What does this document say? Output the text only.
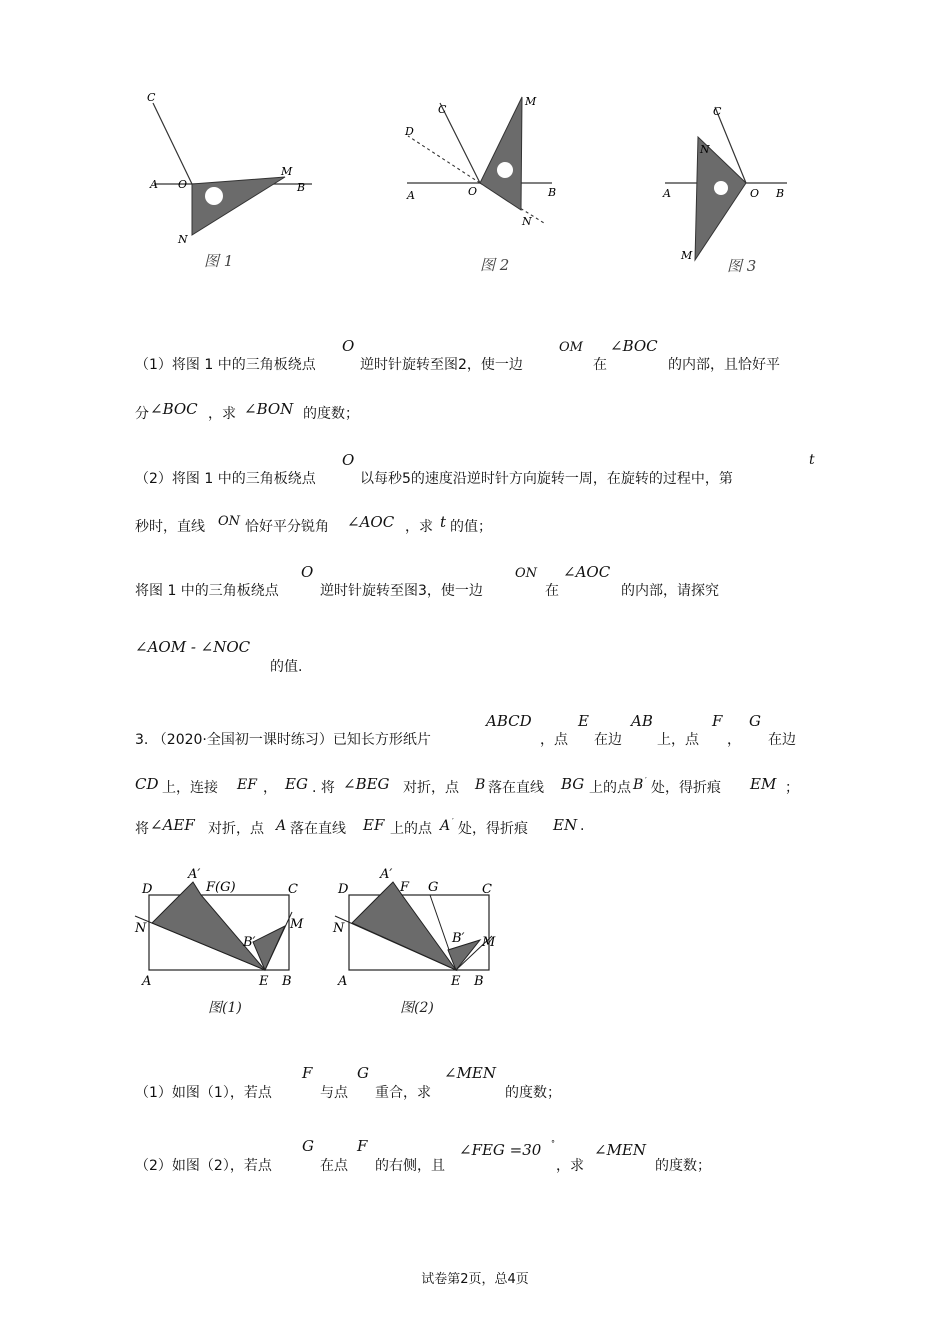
A O	B
C
M
N
图 1
A	O	B
C
D
M
N
图 2
A	O B
C
N
M
图 3
（1）将图 1 中的三角板绕点
O
逆时针旋转至图2，使一边
OM
在
∠BOC
的内部，且恰好平
分 ∠BOC ，求 ∠BON 的度数；
（2）将图 1 中的三角板绕点
O
以每秒5的速度沿逆时针方向旋转一周，在旋转的过程中，第
t
秒时，直线 ON 恰好平分锐角 ∠AOC ，求 t 的值；
将图 1 中的三角板绕点
O
逆时针旋转至图3，使一边
ON
在
∠AOC
的内部，请探究
∠AOM - ∠NOC
的值.
3. （2020·全国初一课时练习）已知长方形纸片
ABCD
，点
E
在边
AB
上，点
F
，
G
在边
CD 上，连接 EF ， EG . 将 ∠BEG 对折，点 B 落在直线 BG 上的点 B ′ 处，得折痕 EM ；
将 ∠AEF 对折，点 A 落在直线 EF 上的点 A ′ 处，得折痕 EN .
D
A′
F(G)	C
N	M
B′
A	E B
图(1)
D
A′
F G	C
N
M
B′
A	E B
图(2)
（1）如图（1），若点
F
与点
G
重合，求
∠MEN
的度数；
（2）如图（2），若点
G
在点
F
的右侧，且
∠FEG =30 °
，求
∠MEN
的度数；
试卷第2页，总4页
